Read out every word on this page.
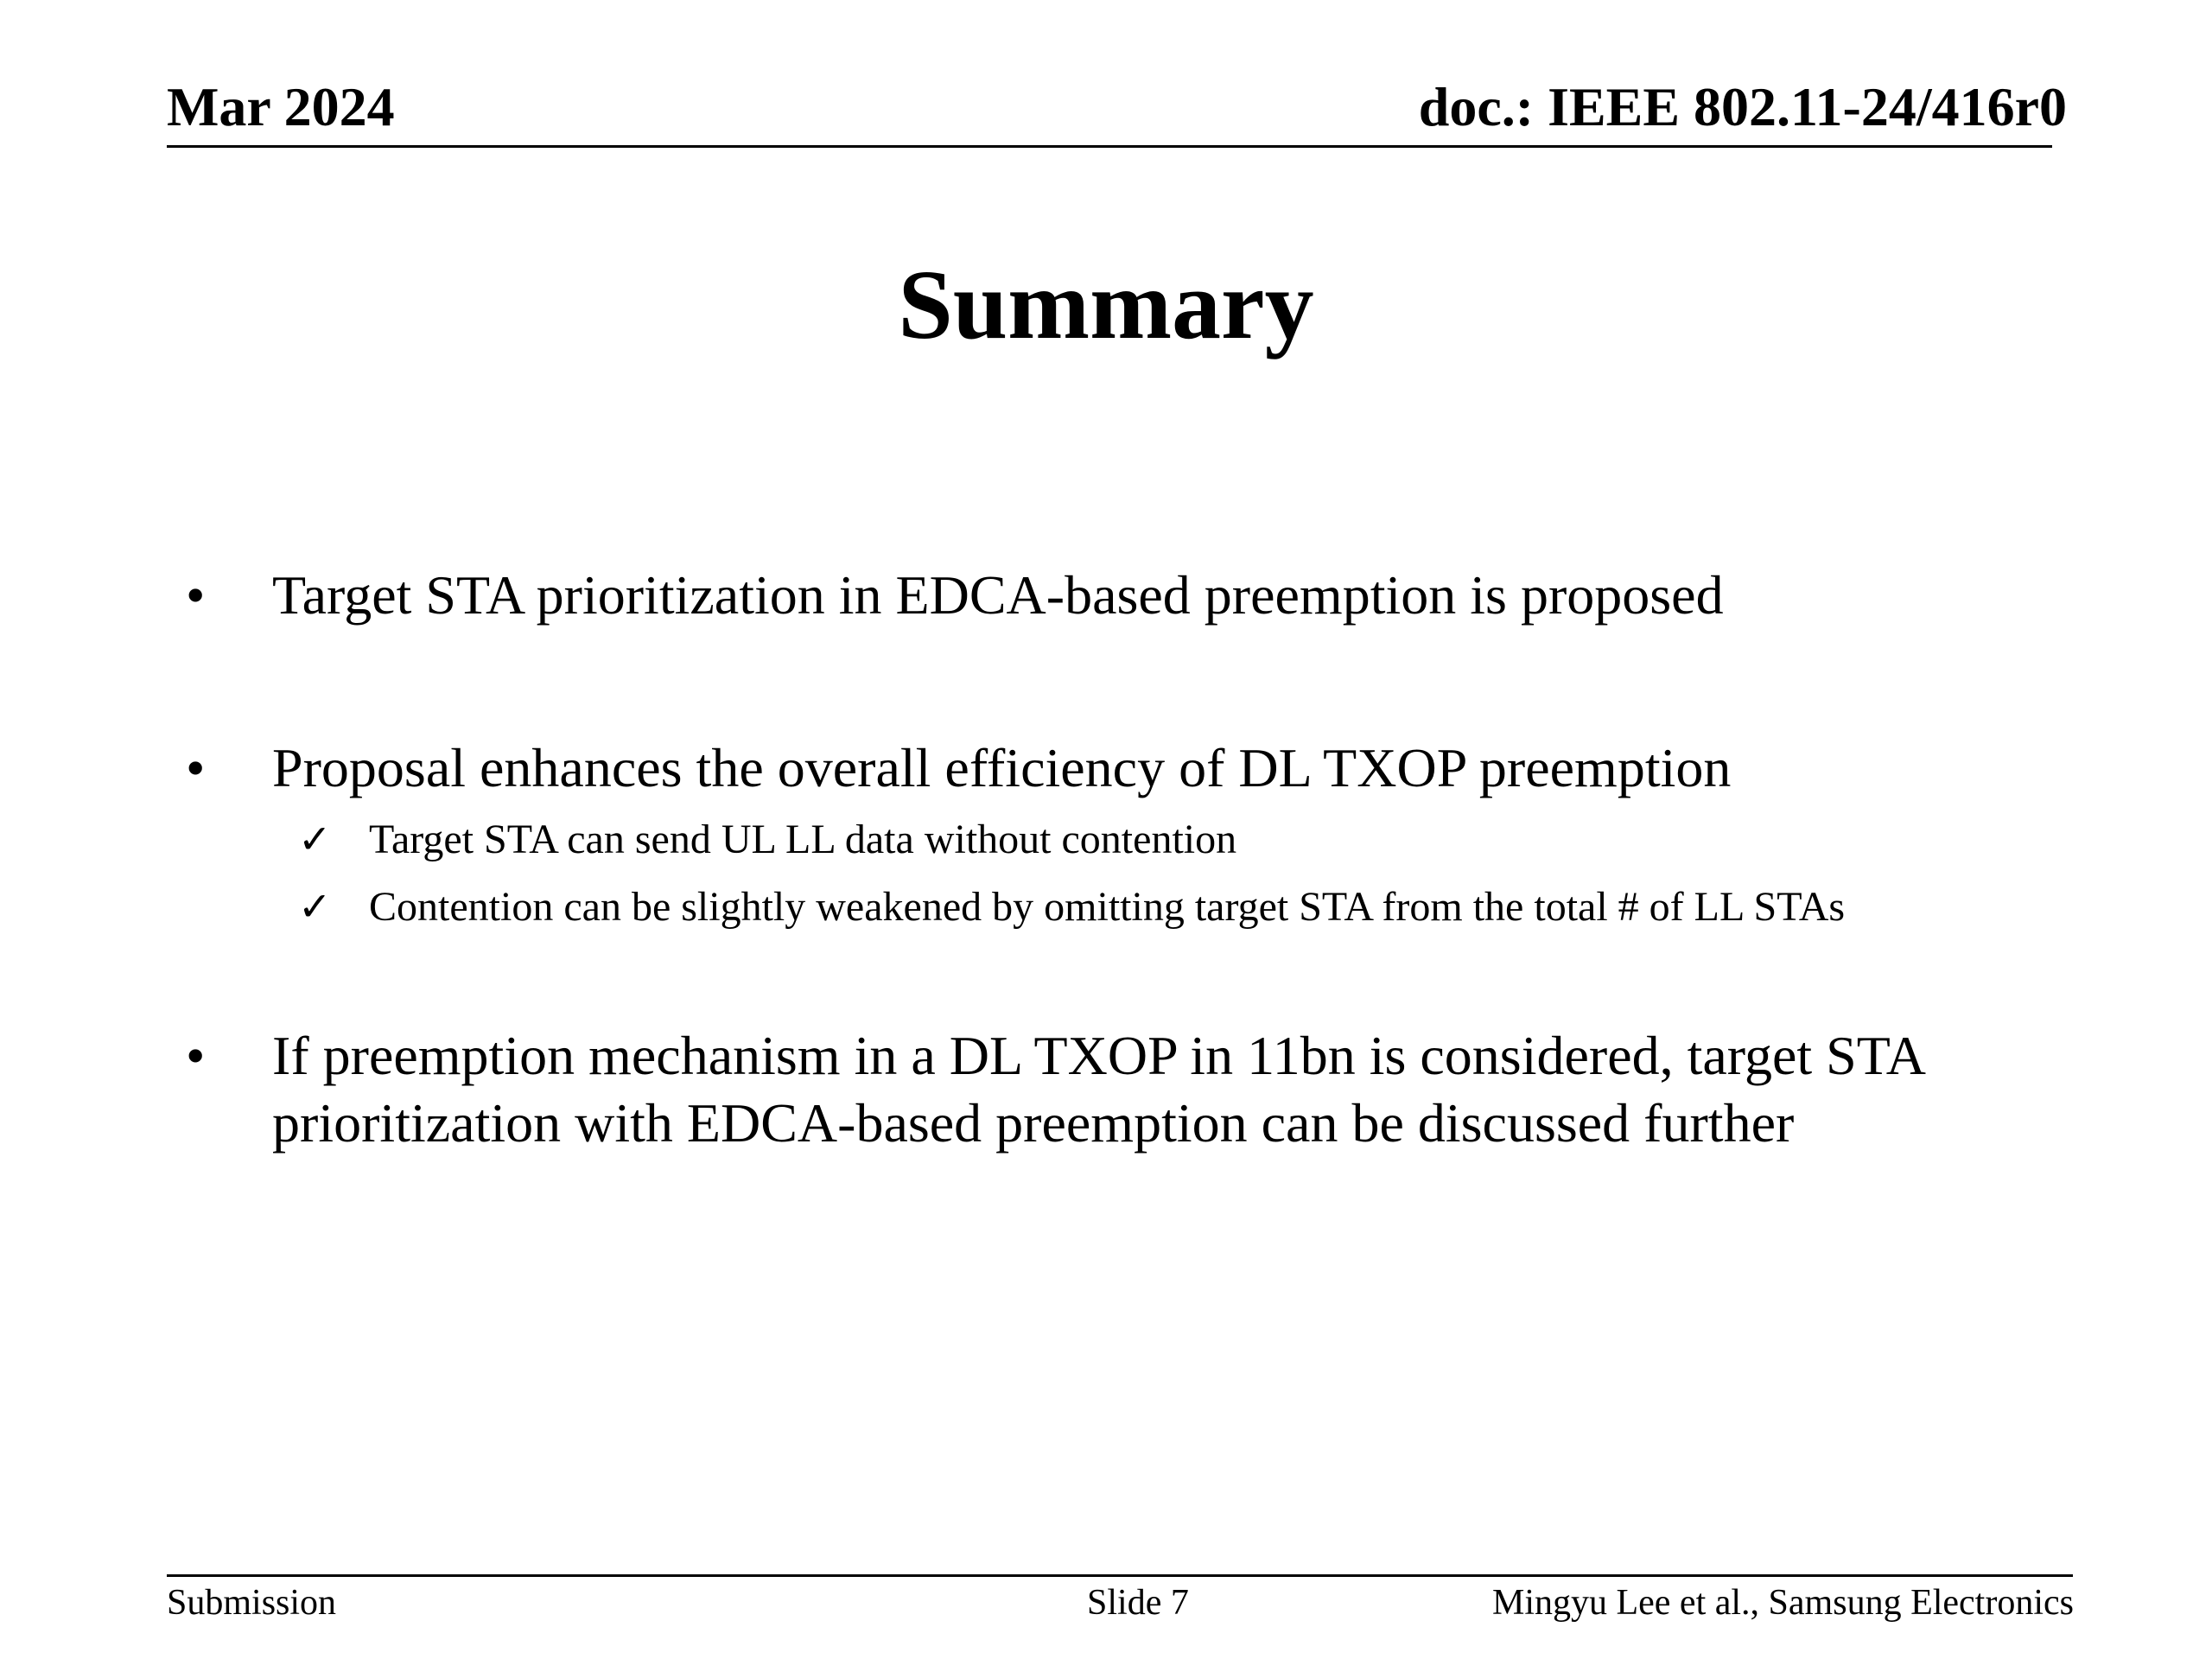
Mar 2024	doc.: IEEE 802.11-24/416r0
Summary
• Target STA prioritization in EDCA-based preemption is proposed
• Proposal enhances the overall efficiency of DL TXOP preemption
✓ Target STA can send UL LL data without contention
✓ Contention can be slightly weakened by omitting target STA from the total # of LL STAs
• If preemption mechanism in a DL TXOP in 11bn is considered, target STA
prioritization with EDCA-based preemption can be discussed further
Submission	Slide 7	Mingyu Lee et al., Samsung Electronics
